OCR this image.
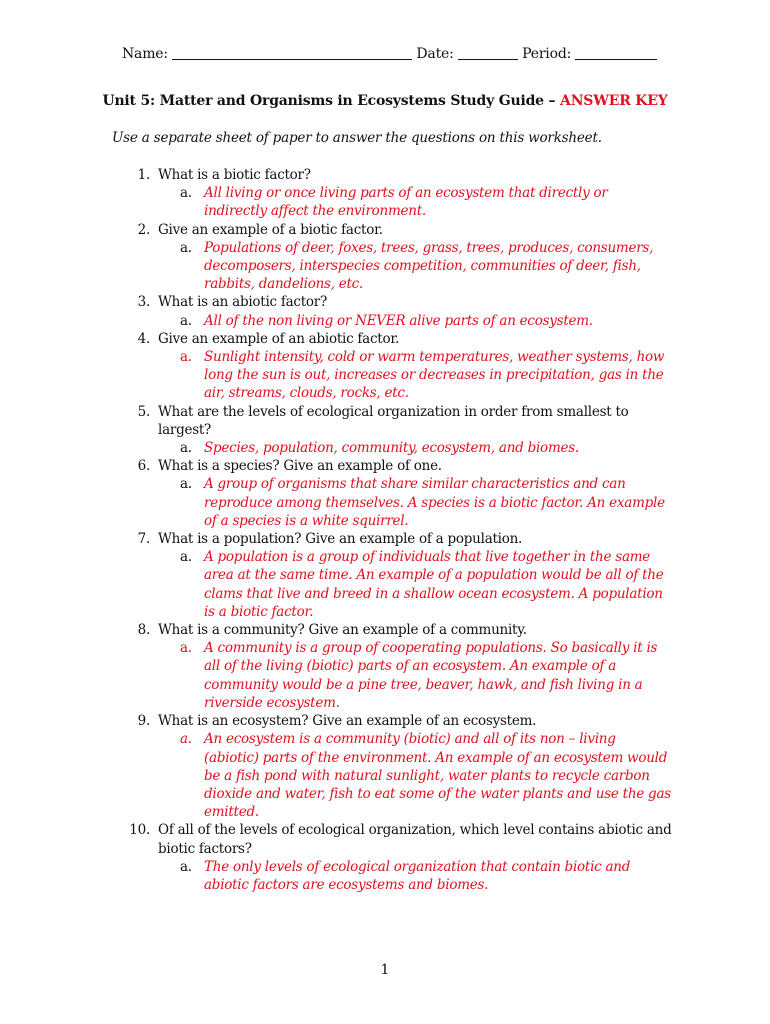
Name:	Date:	Period:
Unit 5: Matter and Organisms in Ecosystems Study Guide – ANSWER KEY
Use a separate sheet of paper to answer the questions on this worksheet.
1. What is a biotic factor?
a. All living or once living parts of an ecosystem that directly or indirectly affect the environment.
2. Give an example of a biotic factor.
a. Populations of deer, foxes, trees, grass, trees, produces, consumers, decomposers, interspecies competition, communities of deer, fish, rabbits, dandelions, etc.
3. What is an abiotic factor?
a. All of the non living or NEVER alive parts of an ecosystem.
4. Give an example of an abiotic factor.
a. Sunlight intensity, cold or warm temperatures, weather systems, how long the sun is out, increases or decreases in precipitation, gas in the air, streams, clouds, rocks, etc.
5. What are the levels of ecological organization in order from smallest to largest?
a. Species, population, community, ecosystem, and biomes.
6. What is a species? Give an example of one.
a. A group of organisms that share similar characteristics and can reproduce among themselves. A species is a biotic factor. An example of a species is a white squirrel.
7. What is a population? Give an example of a population.
a. A population is a group of individuals that live together in the same area at the same time. An example of a population would be all of the clams that live and breed in a shallow ocean ecosystem. A population is a biotic factor.
8. What is a community? Give an example of a community.
a. A community is a group of cooperating populations. So basically it is all of the living (biotic) parts of an ecosystem. An example of a community would be a pine tree, beaver, hawk, and fish living in a riverside ecosystem.
9. What is an ecosystem? Give an example of an ecosystem.
a. An ecosystem is a community (biotic) and all of its non – living (abiotic) parts of the environment. An example of an ecosystem would be a fish pond with natural sunlight, water plants to recycle carbon dioxide and water, fish to eat some of the water plants and use the gas emitted.
10. Of all of the levels of ecological organization, which level contains abiotic and biotic factors?
a. The only levels of ecological organization that contain biotic and abiotic factors are ecosystems and biomes.
1
